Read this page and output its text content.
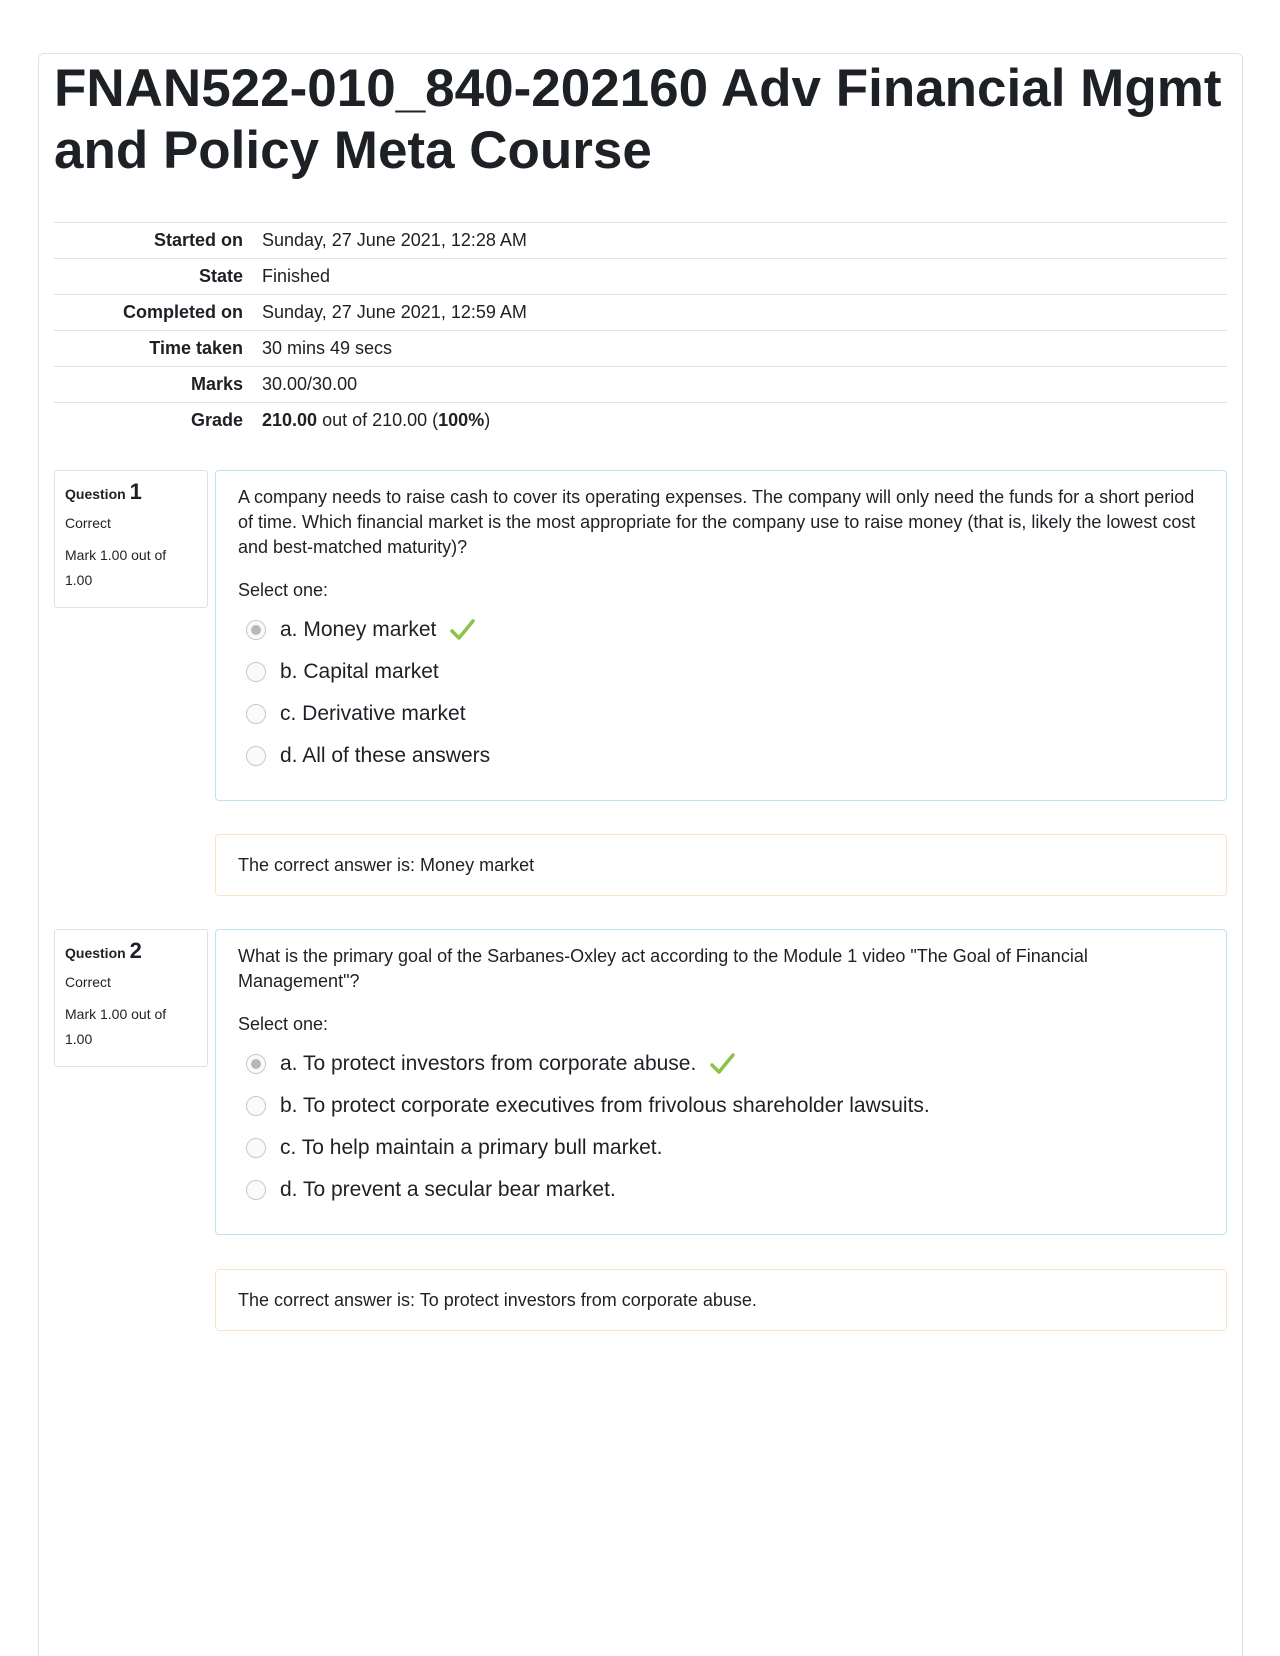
FNAN522-010_840-202160 Adv Financial Mgmt and Policy Meta Course
Started on	Sunday, 27 June 2021, 12:28 AM
State	Finished
Completed on	Sunday, 27 June 2021, 12:59 AM
Time taken	30 mins 49 secs
Marks	30.00/30.00
Grade	210.00 out of 210.00 (100%)
Question 1
Correct
Mark 1.00 out of 1.00
A company needs to raise cash to cover its operating expenses. The company will only need the funds for a short period of time. Which financial market is the most appropriate for the company use to raise money (that is, likely the lowest cost and best-matched maturity)?
Select one:
a. Money market
b. Capital market
c. Derivative market
d. All of these answers
The correct answer is: Money market
Question 2
Correct
Mark 1.00 out of 1.00
What is the primary goal of the Sarbanes-Oxley act according to the Module 1 video "The Goal of Financial Management"?
Select one:
a. To protect investors from corporate abuse.
b. To protect corporate executives from frivolous shareholder lawsuits.
c. To help maintain a primary bull market.
d. To prevent a secular bear market.
The correct answer is: To protect investors from corporate abuse.
